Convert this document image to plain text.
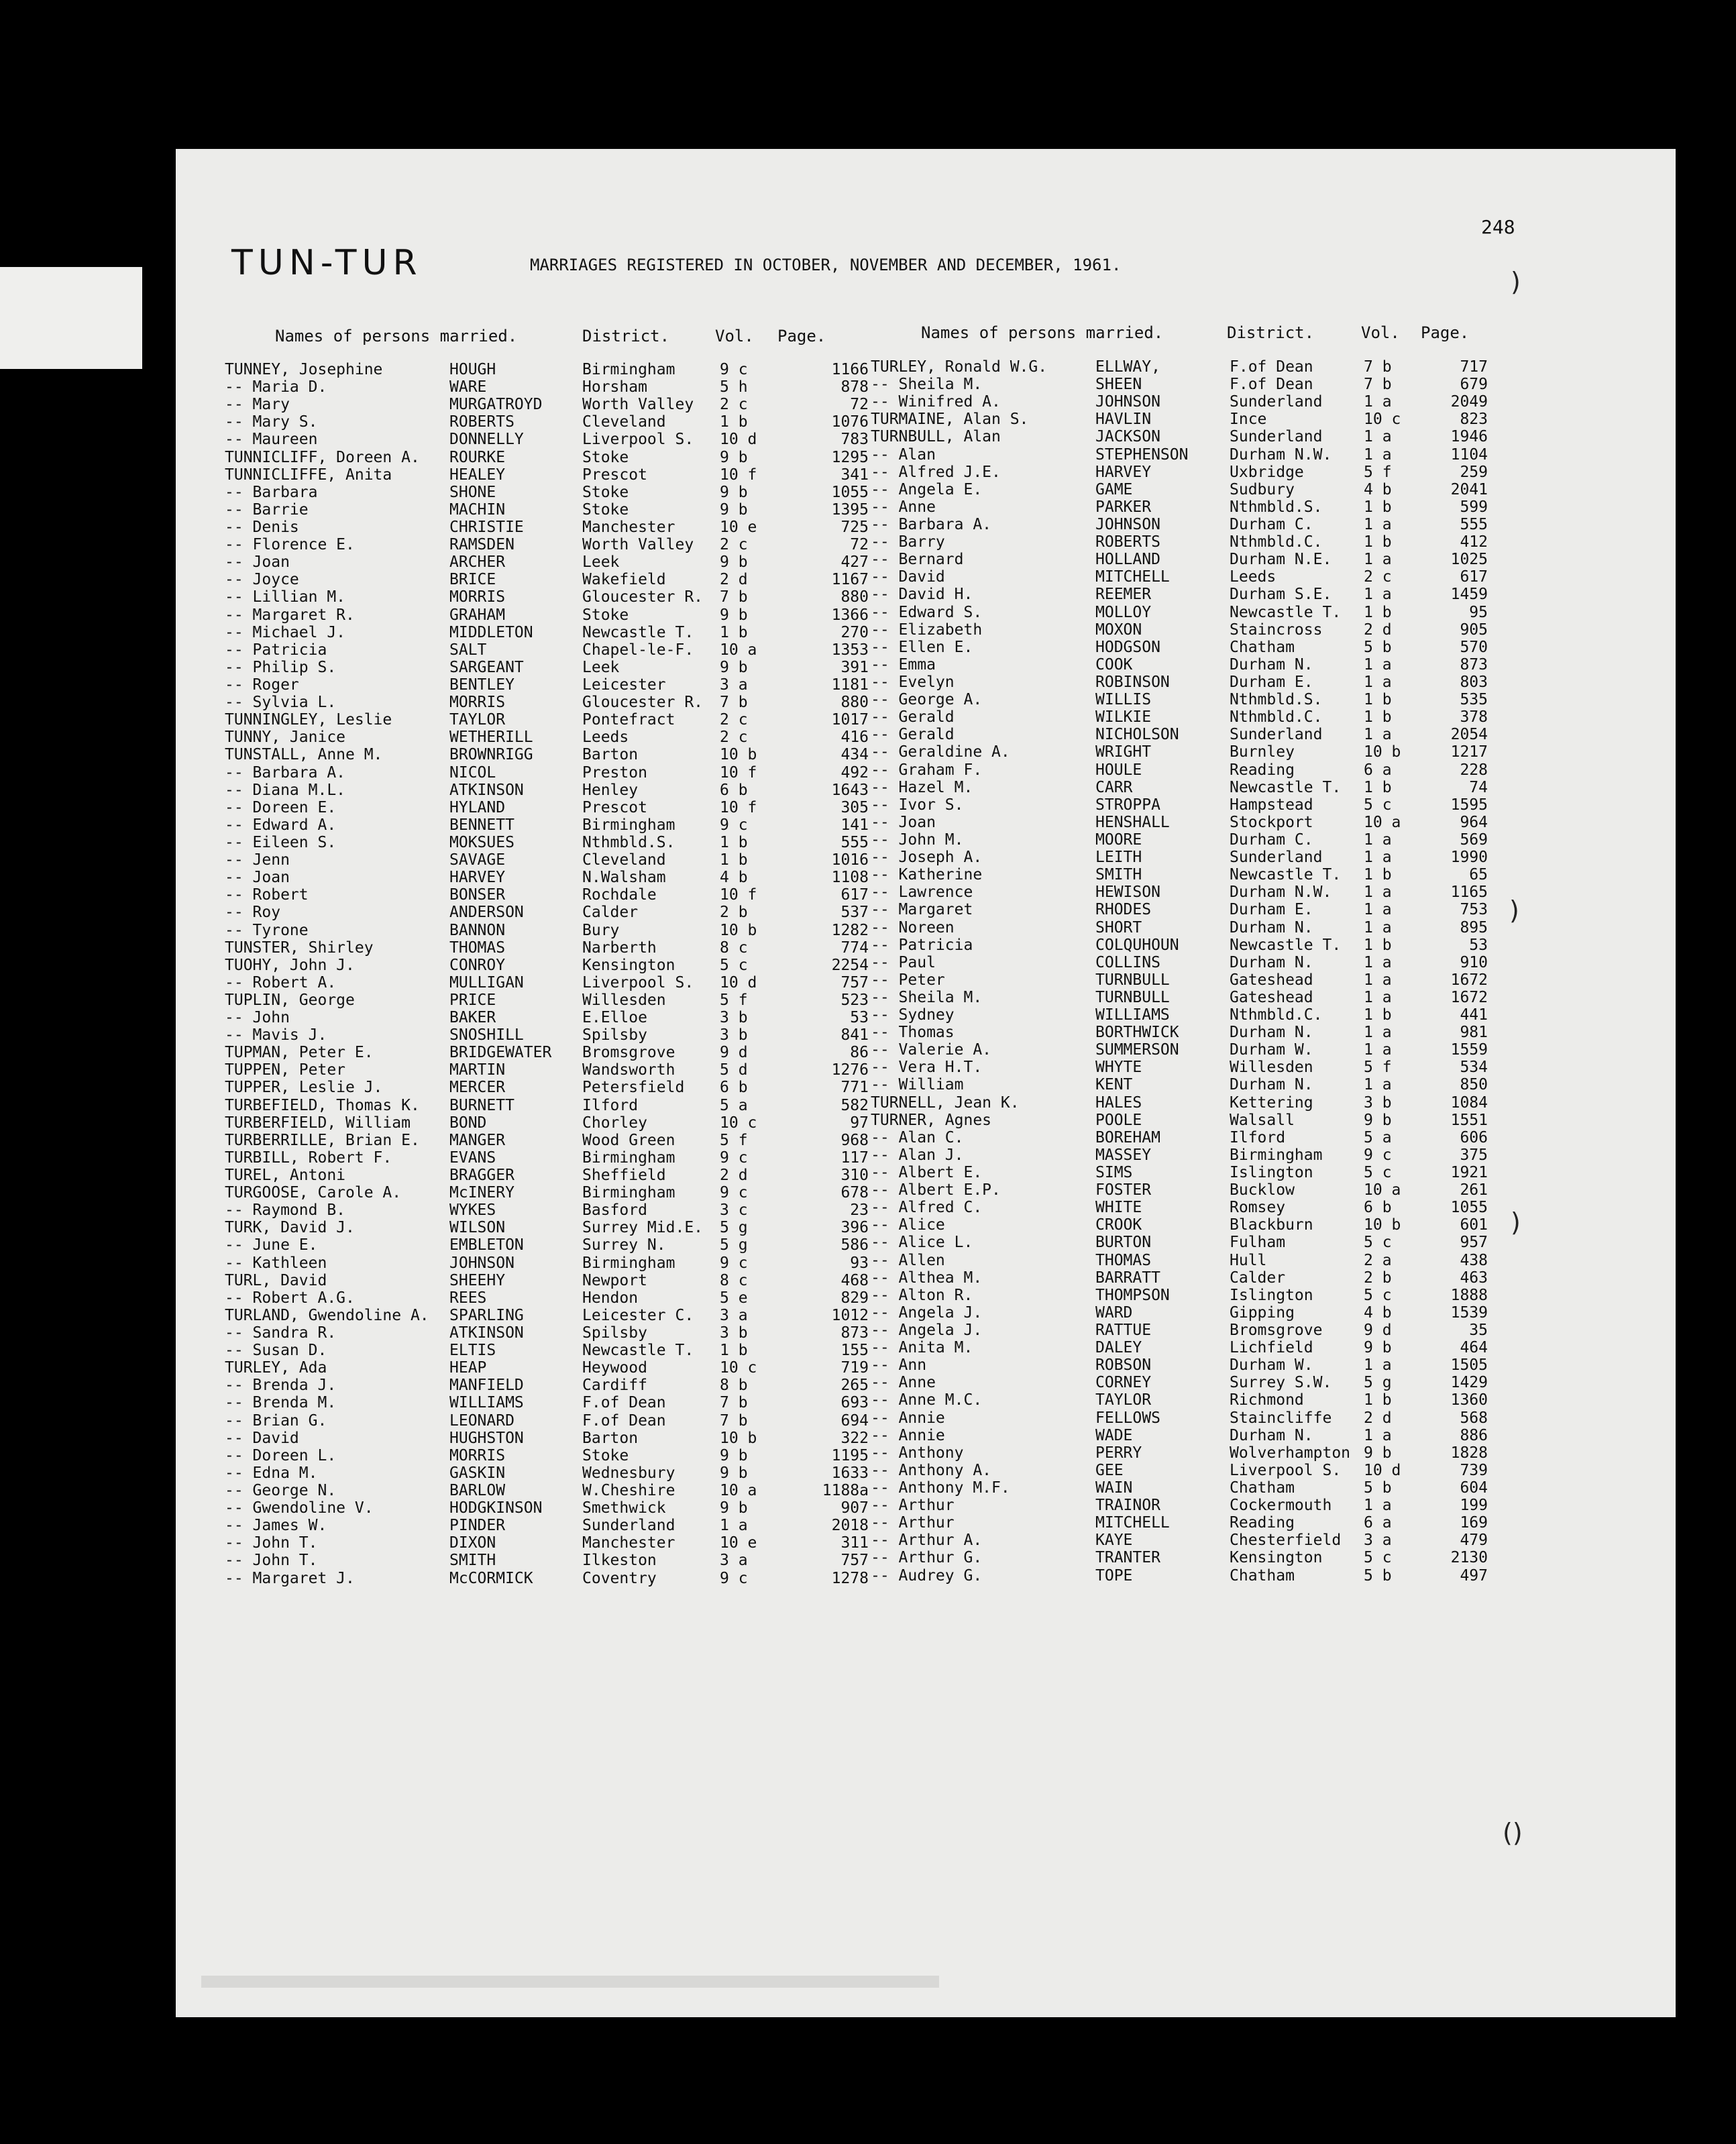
)
)
)
()
248
TUN-TUR	MARRIAGES REGISTERED IN OCTOBER, NOVEMBER AND DECEMBER, 1961.
Names of persons married.	District.	Vol. Page.	Names of persons married.	District.	Vol. Page.
TUNNEY, Josephine	HOUGH	Birmingham	9 c	1166
-- Maria D.	WARE	Horsham	5 h	878
-- Mary	MURGATROYD	Worth Valley 2 c	72
-- Mary S.	ROBERTS	Cleveland	1 b	1076
-- Maureen	DONNELLY	Liverpool S. 10 d	783
TUNNICLIFF, Doreen A. ROURKE	Stoke	9 b	1295
TUNNICLIFFE, Anita	HEALEY	Prescot	10 f	341
-- Barbara	SHONE	Stoke	9 b	1055
-- Barrie	MACHIN	Stoke	9 b	1395
-- Denis	CHRISTIE	Manchester	10 e	725
-- Florence E.	RAMSDEN	Worth Valley 2 c	72
-- Joan	ARCHER	Leek	9 b	427
-- Joyce	BRICE	Wakefield	2 d	1167
-- Lillian M.	MORRIS	Gloucester R. 7 b	880
-- Margaret R.	GRAHAM	Stoke	9 b	1366
-- Michael J.	MIDDLETON	Newcastle T. 1 b	270
-- Patricia	SALT	Chapel-le-F. 10 a	1353
-- Philip S.	SARGEANT	Leek	9 b	391
-- Roger	BENTLEY	Leicester	3 a	1181
-- Sylvia L.	MORRIS	Gloucester R. 7 b	880
TUNNINGLEY, Leslie	TAYLOR	Pontefract	2 c	1017
TUNNY, Janice	WETHERILL	Leeds	2 c	416
TUNSTALL, Anne M.	BROWNRIGG	Barton	10 b	434
-- Barbara A.	NICOL	Preston	10 f	492
-- Diana M.L.	ATKINSON	Henley	6 b	1643
-- Doreen E.	HYLAND	Prescot	10 f	305
-- Edward A.	BENNETT	Birmingham	9 c	141
-- Eileen S.	MOKSUES	Nthmbld.S.	1 b	555
-- Jenn	SAVAGE	Cleveland	1 b	1016
-- Joan	HARVEY	N.Walsham	4 b	1108
-- Robert	BONSER	Rochdale	10 f	617
-- Roy	ANDERSON	Calder	2 b	537
-- Tyrone	BANNON	Bury	10 b	1282
TUNSTER, Shirley	THOMAS	Narberth	8 c	774
TUOHY, John J.	CONROY	Kensington	5 c	2254
-- Robert A.	MULLIGAN	Liverpool S. 10 d	757
TUPLIN, George	PRICE	Willesden	5 f	523
-- John	BAKER	E.Elloe	3 b	53
-- Mavis J.	SNOSHILL	Spilsby	3 b	841
TUPMAN, Peter E.	BRIDGEWATER Bromsgrove	9 d	86
TUPPEN, Peter	MARTIN	Wandsworth	5 d	1276
TUPPER, Leslie J.	MERCER	Petersfield 6 b	771
TURBEFIELD, Thomas K. BURNETT	Ilford	5 a	582
TURBERFIELD, William	BOND	Chorley	10 c	97
TURBERRILLE, Brian E. MANGER	Wood Green	5 f	968
TURBILL, Robert F.	EVANS	Birmingham	9 c	117
TUREL, Antoni	BRAGGER	Sheffield	2 d	310
TURGOOSE, Carole A.	McINERY	Birmingham	9 c	678
-- Raymond B.	WYKES	Basford	3 c	23
TURK, David J.	WILSON	Surrey Mid.E. 5 g	396
-- June E.	EMBLETON	Surrey N.	5 g	586
-- Kathleen	JOHNSON	Birmingham	9 c	93
TURL, David	SHEEHY	Newport	8 c	468
-- Robert A.G.	REES	Hendon	5 e	829
TURLAND, Gwendoline A. SPARLING	Leicester C. 3 a	1012
-- Sandra R.	ATKINSON	Spilsby	3 b	873
-- Susan D.	ELTIS	Newcastle T. 1 b	155
TURLEY, Ada	HEAP	Heywood	10 c	719
-- Brenda J.	MANFIELD	Cardiff	8 b	265
-- Brenda M.	WILLIAMS	F.of Dean	7 b	693
-- Brian G.	LEONARD	F.of Dean	7 b	694
-- David	HUGHSTON	Barton	10 b	322
-- Doreen L.	MORRIS	Stoke	9 b	1195
-- Edna M.	GASKIN	Wednesbury	9 b	1633
-- George N.	BARLOW	W.Cheshire	10 a	1188a
-- Gwendoline V.	HODGKINSON	Smethwick	9 b	907
-- James W.	PINDER	Sunderland	1 a	2018
-- John T.	DIXON	Manchester	10 e	311
-- John T.	SMITH	Ilkeston	3 a	757
-- Margaret J.	McCORMICK	Coventry	9 c	1278
TURLEY, Ronald W.G.	ELLWAY,	F.of Dean	7 b	717
-- Sheila M.	SHEEN	F.of Dean	7 b	679
-- Winifred A.	JOHNSON	Sunderland	1 a	2049
TURMAINE, Alan S.	HAVLIN	Ince	10 c	823
TURNBULL, Alan	JACKSON	Sunderland	1 a	1946
-- Alan	STEPHENSON	Durham N.W. 1 a	1104
-- Alfred J.E.	HARVEY	Uxbridge	5 f	259
-- Angela E.	GAME	Sudbury	4 b	2041
-- Anne	PARKER	Nthmbld.S.	1 b	599
-- Barbara A.	JOHNSON	Durham C.	1 a	555
-- Barry	ROBERTS	Nthmbld.C.	1 b	412
-- Bernard	HOLLAND	Durham N.E. 1 a	1025
-- David	MITCHELL	Leeds	2 c	617
-- David H.	REEMER	Durham S.E. 1 a	1459
-- Edward S.	MOLLOY	Newcastle T. 1 b	95
-- Elizabeth	MOXON	Staincross	2 d	905
-- Ellen E.	HODGSON	Chatham	5 b	570
-- Emma	COOK	Durham N.	1 a	873
-- Evelyn	ROBINSON	Durham E.	1 a	803
-- George A.	WILLIS	Nthmbld.S.	1 b	535
-- Gerald	WILKIE	Nthmbld.C.	1 b	378
-- Gerald	NICHOLSON	Sunderland	1 a	2054
-- Geraldine A.	WRIGHT	Burnley	10 b	1217
-- Graham F.	HOULE	Reading	6 a	228
-- Hazel M.	CARR	Newcastle T. 1 b	74
-- Ivor S.	STROPPA	Hampstead	5 c	1595
-- Joan	HENSHALL	Stockport	10 a	964
-- John M.	MOORE	Durham C.	1 a	569
-- Joseph A.	LEITH	Sunderland	1 a	1990
-- Katherine	SMITH	Newcastle T. 1 b	65
-- Lawrence	HEWISON	Durham N.W. 1 a	1165
-- Margaret	RHODES	Durham E.	1 a	753
-- Noreen	SHORT	Durham N.	1 a	895
-- Patricia	COLQUHOUN	Newcastle T. 1 b	53
-- Paul	COLLINS	Durham N.	1 a	910
-- Peter	TURNBULL	Gateshead	1 a	1672
-- Sheila M.	TURNBULL	Gateshead	1 a	1672
-- Sydney	WILLIAMS	Nthmbld.C.	1 b	441
-- Thomas	BORTHWICK	Durham N.	1 a	981
-- Valerie A.	SUMMERSON	Durham W.	1 a	1559
-- Vera H.T.	WHYTE	Willesden	5 f	534
-- William	KENT	Durham N.	1 a	850
TURNELL, Jean K.	HALES	Kettering	3 b	1084
TURNER, Agnes	POOLE	Walsall	9 b	1551
-- Alan C.	BOREHAM	Ilford	5 a	606
-- Alan J.	MASSEY	Birmingham	9 c	375
-- Albert E.	SIMS	Islington	5 c	1921
-- Albert E.P.	FOSTER	Bucklow	10 a	261
-- Alfred C.	WHITE	Romsey	6 b	1055
-- Alice	CROOK	Blackburn	10 b	601
-- Alice L.	BURTON	Fulham	5 c	957
-- Allen	THOMAS	Hull	2 a	438
-- Althea M.	BARRATT	Calder	2 b	463
-- Alton R.	THOMPSON	Islington	5 c	1888
-- Angela J.	WARD	Gipping	4 b	1539
-- Angela J.	RATTUE	Bromsgrove	9 d	35
-- Anita M.	DALEY	Lichfield	9 b	464
-- Ann	ROBSON	Durham W.	1 a	1505
-- Anne	CORNEY	Surrey S.W. 5 g	1429
-- Anne M.C.	TAYLOR	Richmond	1 b	1360
-- Annie	FELLOWS	Staincliffe 2 d	568
-- Annie	WADE	Durham N.	1 a	886
-- Anthony	PERRY	Wolverhampton 9 b	1828
-- Anthony A.	GEE	Liverpool S. 10 d	739
-- Anthony M.F.	WAIN	Chatham	5 b	604
-- Arthur	TRAINOR	Cockermouth 1 a	199
-- Arthur	MITCHELL	Reading	6 a	169
-- Arthur A.	KAYE	Chesterfield 3 a	479
-- Arthur G.	TRANTER	Kensington	5 c	2130
-- Audrey G.	TOPE	Chatham	5 b	497
